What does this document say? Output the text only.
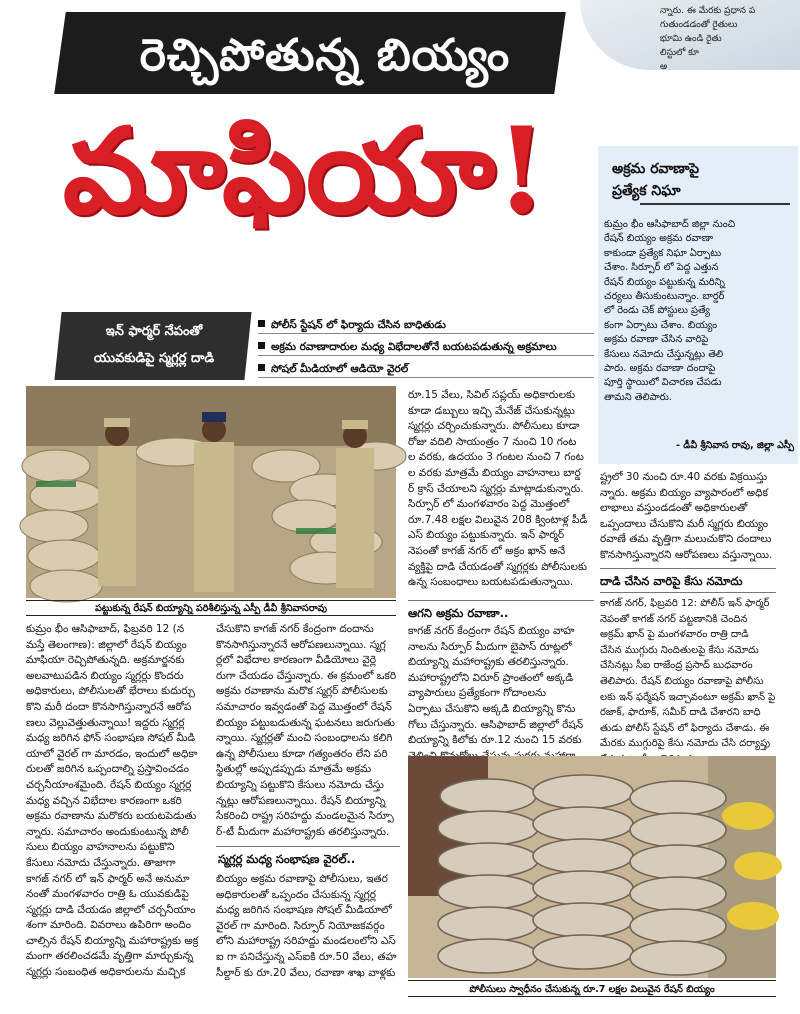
న్నారు. ఈ మేరకు ప్రధాన ప
గుతుండడంతో రైతులు
భూమి ఉండి రైతు
లిస్టులో కూ
అ
రెచ్చిపోతున్న బియ్యం
మాఫియా!	అక్రమ రవాణాపై
ప్రత్యేక నిఘా
కుమ్రం భీం ఆసిఫాబాద్ జిల్లా నుంచి
రేషన్ బియ్యం అక్రమ రవాణా
కాకుండా ప్రత్యేక నిఘా ఏర్పాటు
చేశాం. సిర్పూర్ లో పెద్ద ఎత్తున
రేషన్ బియ్యం పట్టుకున్న మరిన్ని
చర్యలు తీసుకుంటున్నాం. బార్డర్
లో రెండు చెక్ పోస్టులు ప్రత్యే
కంగా ఏర్పాటు చేశాం. బియ్యం
అక్రమ రవాణా చేసిన వారిపై
కేసులు నమోదు చేస్తున్నట్లు తెలి
పారు. అక్రమ రవాణా దందాపై
పూర్తి స్థాయిలో విచారణ చేపడు
తామని తెలిపారు.
- డీవీ శ్రీనివాస రావు, జిల్లా ఎస్పీ
ఇన్ ఫార్మర్ నేపంతో
యువకుడిపై స్మగ్లర్ల దాడి
పోలీస్ స్టేషన్ లో ఫిర్యాదు చేసిన బాధితుడు
అక్రమ రవాణాదారుల మధ్య విభేదాలతోనే బయటపడుతున్న అక్రమాలు
సోషల్ మీడియాలో ఆడియో వైరల్
పట్టుకున్న రేషన్ బియ్యాన్ని పరిశీలిస్తున్న ఎస్పీ డీవీ శ్రీనివాసరావు
కుమ్రం భీం ఆసిఫాబాద్, ఫిబ్రవరి 12 (న
మస్తే తెలంగాణ): జిల్లాలో రేషన్ బియ్యం
మాఫియా రెచ్చిపోతున్నది. అక్రమార్జనకు
అలవాటుపడిన బియ్యం స్మగ్లర్లు కొందరు
అధికారులు, పోలీసులతో భేరాలు కుదుర్చు
కొని మరీ దందా కొనసాగిస్తున్నారనే ఆరోప
ణలు వెల్లువెత్తుతున్నాయి! ఇద్దరు స్మగ్లర్ల
మధ్య జరిగిన ఫోన్ సంభాషణ సోషల్ మీడి
యాలో వైరల్ గా మారడం, ఇందులో అధికా
రులతో జరిగిన ఒప్పందాల్ని ప్రస్తావించడం
చర్చనీయాంశమైంది. రేషన్ బియ్యం స్మగ్లర్ల
మధ్య వచ్చిన విభేదాల కారణంగా ఒకరి
అక్రమ రవాణాను మరొకరు బయటపెడుతు
న్నారు. సమాచారం అందుకుంటున్న పోలీ
సులు బియ్యం వాహనాలను పట్టుకొని
కేసులు నమోదు చేస్తున్నారు. తాజాగా
కాగజ్ నగర్ లో ఇన్ ఫార్మర్ అనే అనుమా
నంతో మంగళవారం రాత్రి ఓ యువకుడిపై
స్మగ్లర్లు దాడి చేయడం జిల్లాలో చర్చనీయాం
శంగా మారింది. వివరాలు ఉపిరిగా అందిం
చాల్సిన రేషన్ బియ్యాన్ని మహారాష్ట్రకు అక్ర
మంగా తరలించడమే వృత్తిగా మార్చుకున్న
స్మగ్లర్లు సంబంధిత అధికారులను మచ్చిక
చేసుకొని కాగజ్ నగర్ కేంద్రంగా దందాను
కొనసాగిస్తున్నారనే ఆరోపణలున్నాయి. స్మగ్ల
ర్లలో విభేదాల కారణంగా వీడియోలు వైర్లె
రుగా చేయడం చేస్తున్నారు. ఈ క్రమంలో ఒకరి
అక్రమ రవాణాను మరొక స్మగ్లర్ పోలీసులకు
సమాచారం ఇవ్వడంతో పెద్ద మొత్తంలో రేషన్
బియ్యం పట్టుబడుతున్న ఘటనలు జరుగుతు
న్నాయి. స్మగ్లర్లతో మంచి సంబంధాలను కలిగి
ఉన్న పోలీసులు కూడా గత్యంతరం లేని పరి
స్థితుల్లో అప్పుడప్పుడు మాత్రమే అక్రమ
బియ్యాన్ని పట్టుకొని కేసులు నమోదు చేస్తు
న్నట్లు ఆరోపణలున్నాయి. రేషన్ బియ్యాన్ని
సేకరించి రాష్ట్ర సరిహద్దు మండలమైన సిర్పూ
ర్-టీ మీదుగా మహారాష్ట్రకు తరలిస్తున్నారు.
స్మగ్లర్ల మధ్య సంభాషణ వైరల్..
బియ్యం అక్రమ రవాణాపై పోలీసులు, ఇతర
అధికారులతో ఒప్పందం చేసుకున్న స్మగ్లర్ల
మధ్య జరిగిన సంభాషణ సోషల్ మీడియాలో
వైరల్ గా మారింది. సిర్పూర్ నియోజకవర్గం
లోని మహారాష్ట్ర సరిహద్దు మండలంలోని ఎస్
ఐ గా పనిచేస్తున్న ఎస్ఐకి రూ.50 వేలు, తహ
సీల్దార్ కు రూ.20 వేలు, రవాణా శాఖ వాళ్లకు
రూ.15 వేలు, సివిల్ సప్లయ్ అధికారులకు
కూడా డబ్బులు ఇచ్చి మేనేజ్ చేసుకున్నట్లు
స్మగ్లర్లు చర్చించుకున్నారు. పోలీసులు కూడా
రోజు వదిలి సాయంత్రం 7 నుంచి 10 గంట
ల వరకు, ఉదయం 3 గంటల నుంచి 7 గంట
ల వరకు మాత్రమే బియ్యం వాహనాలు బార్డ
ర్ క్రాస్ చేయాలని స్మగ్లర్లు మాట్లాడుకున్నారు.
సిర్పూర్ లో మంగళవారం పెద్ద మొత్తంలో
రూ.7.48 లక్షల విలువైన 208 క్వింటాళ్ల పీడీ
ఎస్ బియ్యం పట్టుకున్నారు. ఇన్ ఫార్మర్
నెపంతో కాగజ్ నగర్ లో అక్రం ఖాన్ అనే
వ్యక్తిపై దాడి చేయడంతో స్మగ్లర్లకు పోలీసులకు
ఉన్న సంబంధాలు బయటపడుతున్నాయి.
ఆగని అక్రమ రవాణా..
కాగజ్ నగర్ కేంద్రంగా రేషన్ బియ్యం వాహ
నాలను సిర్పూర్ మీదుగా బైపాస్ రూట్లలో
బియ్యాన్ని మహారాష్ట్రకు తరలిస్తున్నారు.
మహారాష్ట్రలోని విరూర్ ప్రాంతంలో అక్కడి
వ్యాపారులు ప్రత్యేకంగా గోదాంలను
ఏర్పాటు చేసుకొని అక్కడి బియ్యాన్ని కొను
గోలు చేస్తున్నారు. ఆసిఫాబాద్ జిల్లాలో రేషన్
బియ్యాన్ని కిలోకు రూ.12 నుంచి 15 వరకు

ష్ట్రలో 30 నుంచి రూ.40 వరకు విక్రయిస్తు
న్నారు. అక్రమ బియ్యం వ్యాపారంలో అధిక
లాభాలు వస్తుండడంతో అధికారులతో
ఒప్పందాలు చేసుకొని మరీ స్మగ్లరు బియ్యం
రవాణే తమ వృత్తిగా మలుచుకొని దందాలు
కొనసాగిస్తున్నారని ఆరోపణలు వస్తున్నాయి.
దాడి చేసిన వారిపై కేసు నమోదు
కాగజ్ నగర్, ఫిబ్రవరి 12: పోలీస్ ఇన్ ఫార్మర్
నెపంతో కాగజ్ నగర్ పట్టణానికి చెందిన
అక్రమ్ ఖాన్ పై మంగళవారం రాత్రి దాడి
చేసిన ముగ్గురు నిందితులపై కేసు నమోదు
చేసినట్లు సీఐ రాజేంద్ర ప్రసాద్ బుధవారం
తెలిపారు. రేషన్ బియ్యం రవాణాపై పోలీసు
లకు ఇన్ ఫర్మేషన్ ఇచ్చావంటూ అక్రమ్ ఖాన్ పై
రజాక్, ఫారూక్, సమీర్ దాడి చేశారని బాధి
తుడు పోలీస్ స్టేషన్ లో ఫిర్యాదు చేశాడు. ఈ
మేరకు ముగ్గురిపై కేసు నమోదు చేసి దర్యాప్తు

పోలీసులు స్వాధీనం చేసుకున్న రూ.7 లక్షల విలువైన రేషన్ బియ్యం
